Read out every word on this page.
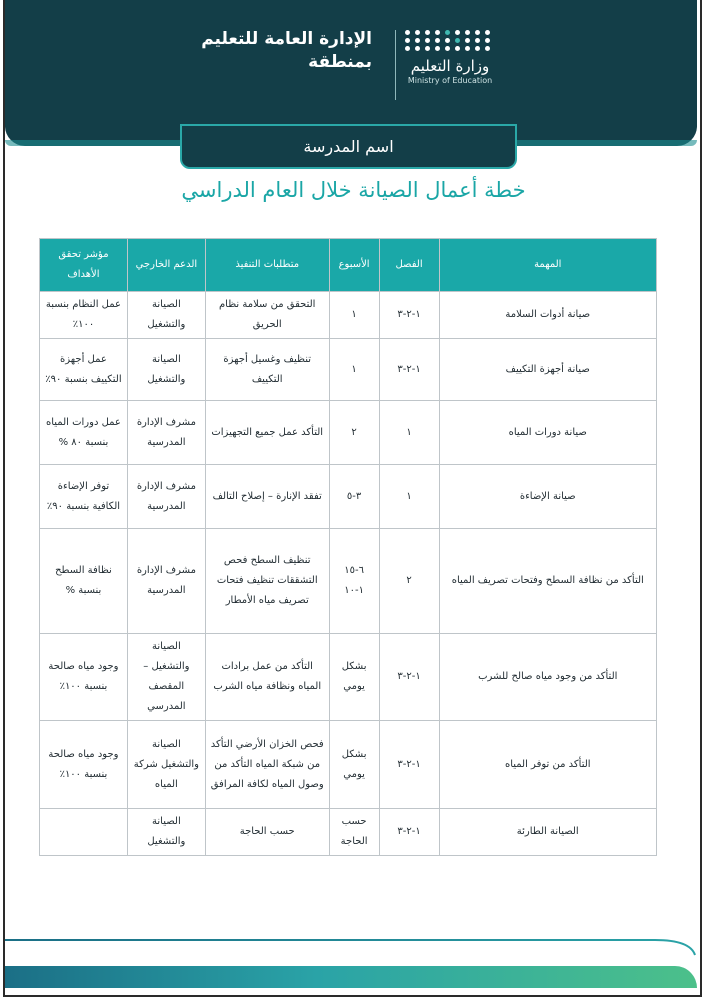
الإدارة العامة للتعليم
بمنطقة	وزارة التعليم
Ministry of Education
اسم المدرسة
خطة أعمال الصيانة خلال العام الدراسي
المهمة	الفصل	الأسبوع	متطلبات التنفيذ	الدعم الخارجي	مؤشر تحقق الأهداف
صيانة أدوات السلامة	١-٢-٣	١	التحقق من سلامة نظام الحريق	الصيانة والتشغيل	عمل النظام بنسبة ١٠٠٪
صيانة أجهزة التكييف	١-٢-٣	١	تنظيف وغسيل أجهزة التكييف	الصيانة والتشغيل	عمل أجهزة التكييف بنسبة ٩٠٪
صيانة دورات المياه	١	٢	التأكد عمل جميع التجهيزات	مشرف الإدارة المدرسية	عمل دورات المياه بنسبة ٨٠ %
صيانة الإضاءة	١	٣-٥	تفقد الإنارة – إصلاح التالف	مشرف الإدارة المدرسية	توفر الإضاءة الكافية بنسبة ٩٠٪
التأكد من نظافة السطح وفتحات تصريف المياه	٢	٦-١٥ ١-١٠	تنظيف السطح فحص التشققات تنظيف فتحات تصريف مياه الأمطار	مشرف الإدارة المدرسية	نظافة السطح بنسبة %
التأكد من وجود مياه صالح للشرب	١-٢-٣	بشكل يومي	التأكد من عمل برادات المياه ونظافة مياه الشرب	الصيانة والتشغيل – المقصف المدرسي	وجود مياه صالحة بنسبة ١٠٠٪
التأكد من توفر المياه	١-٢-٣	بشكل يومي	فحص الخزان الأرضي التأكد من شبكة المياه التأكد من وصول المياه لكافة المرافق	الصيانة والتشغيل شركة المياه	وجود مياه صالحة بنسبة ١٠٠٪
الصيانة الطارئة	١-٢-٣	حسب الحاجة	حسب الحاجة	الصيانة والتشغيل	
